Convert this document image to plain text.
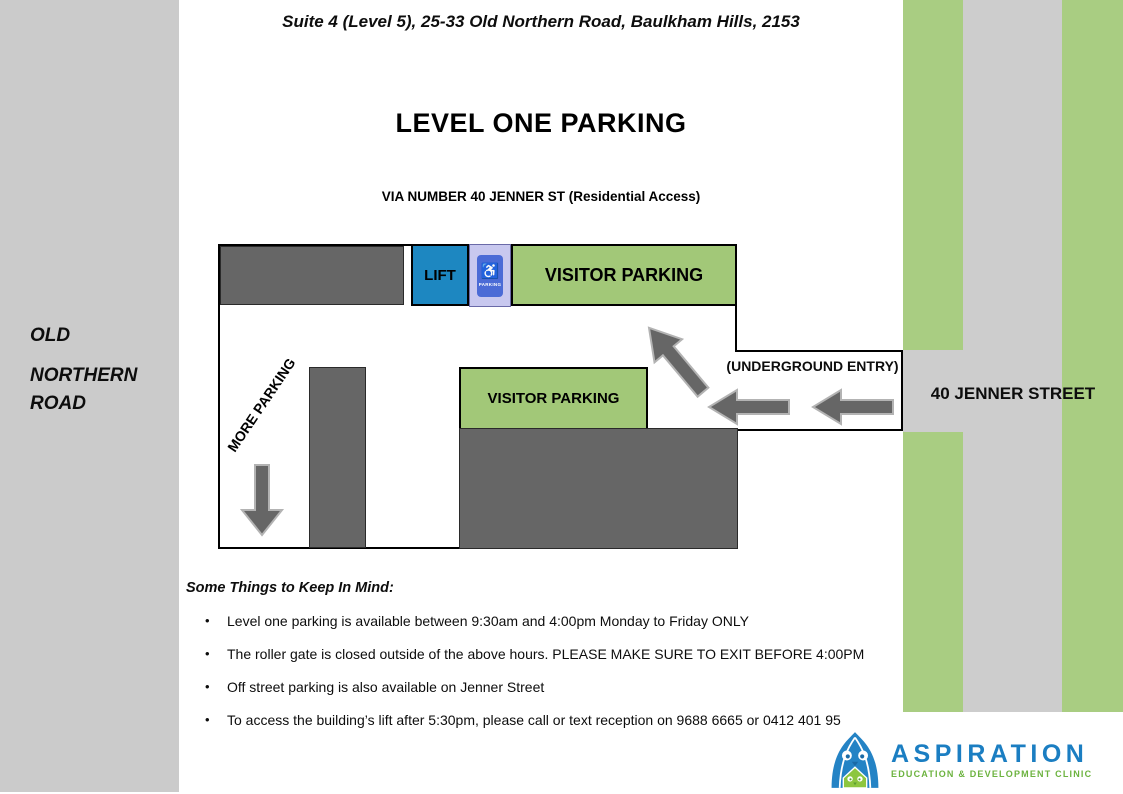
OLD
NORTHERN
ROAD
Suite 4 (Level 5), 25-33 Old Northern Road, Baulkham Hills, 2153
LEVEL ONE PARKING
VIA NUMBER 40 JENNER ST (Residential Access)
40 JENNER STREET
LIFT ♿
PARKING VISITOR PARKING
VISITOR PARKING
MORE PARKING	(UNDERGROUND ENTRY)
Some Things to Keep In Mind:
•	Level one parking is available between 9:30am and 4:00pm Monday to Friday ONLY
•	The roller gate is closed outside of the above hours. PLEASE MAKE SURE TO EXIT BEFORE 4:00PM
•	Off street parking is also available on Jenner Street
•	To access the building’s lift after 5:30pm, please call or text reception on 9688 6665 or 0412 401 95
ASPIRATION
EDUCATION & DEVELOPMENT CLINIC
